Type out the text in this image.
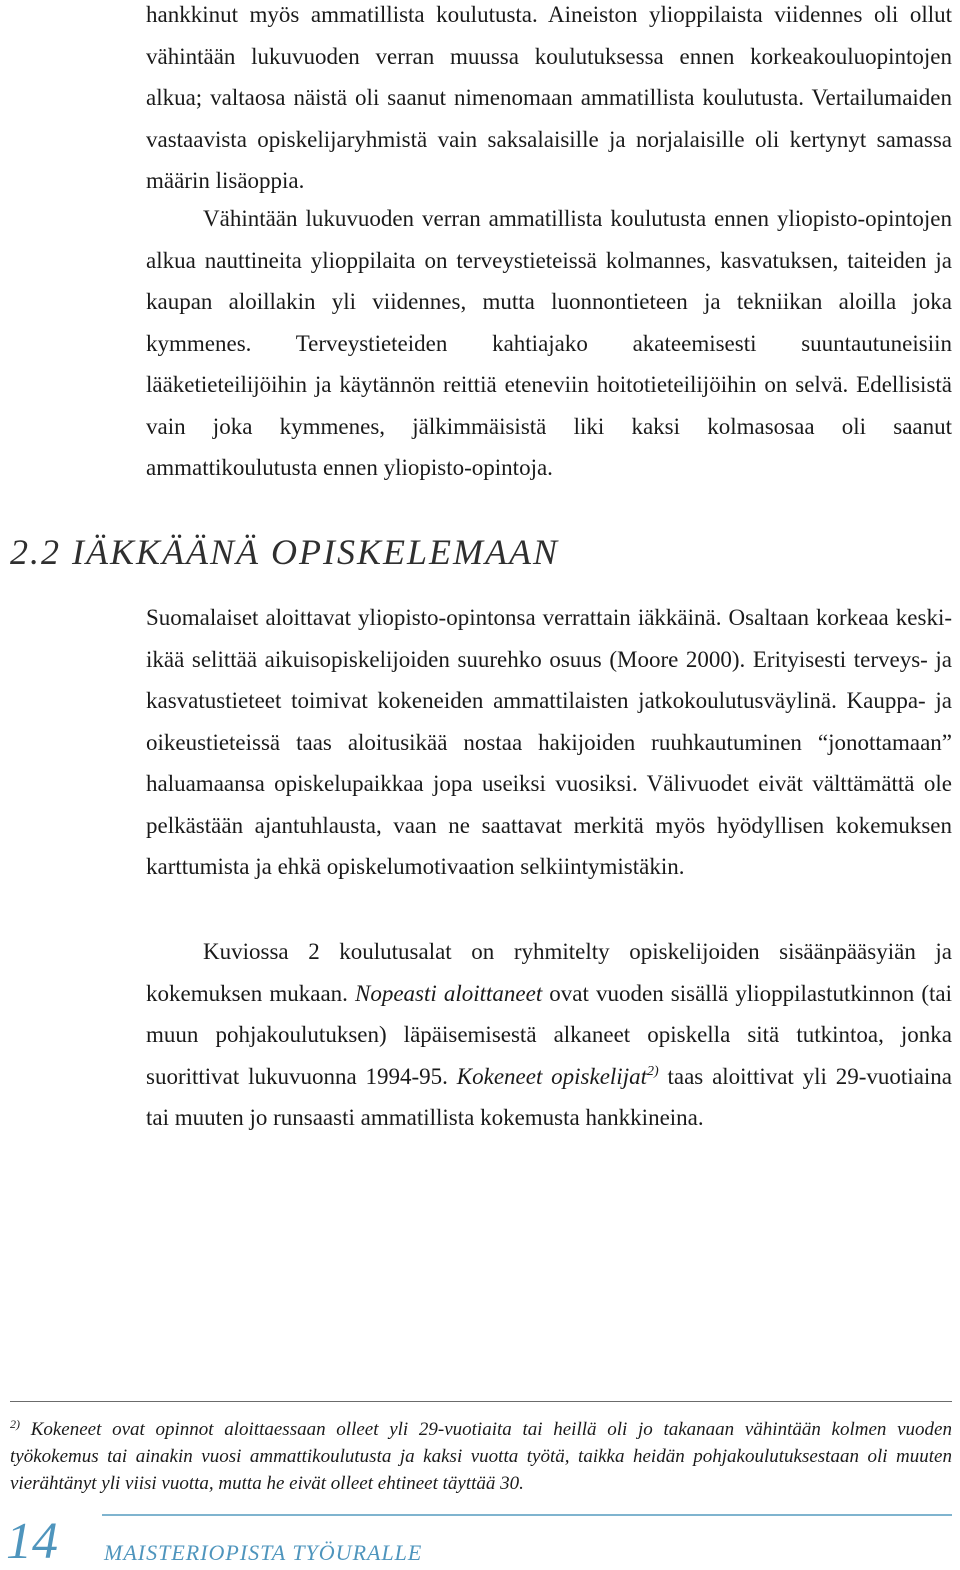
hankkinut myös ammatillista koulutusta. Aineiston ylioppilaista viidennes oli ollut vähintään lukuvuoden verran muussa koulutuksessa ennen korkeakouluopintojen alkua; valtaosa näistä oli saanut nimenomaan ammatillista koulutusta. Vertailumaiden vastaavista opiskelijaryhmistä vain saksalaisille ja norjalaisille oli kertynyt samassa määrin lisäoppia.
Vähintään lukuvuoden verran ammatillista koulutusta ennen yliopisto-opintojen alkua nauttineita ylioppilaita on terveystieteissä kolmannes, kasvatuksen, taiteiden ja kaupan aloillakin yli viidennes, mutta luonnontieteen ja tekniikan aloilla joka kymmenes. Terveystieteiden kahtiajako akateemisesti suuntautuneisiin lääketieteilijöihin ja käytännön reittiä eteneviin hoitotieteilijöihin on selvä. Edellisistä vain joka kymmenes, jälkimmäisistä liki kaksi kolmasosaa oli saanut ammattikoulutusta ennen yliopisto-opintoja.
2.2 IÄKKÄÄNÄ OPISKELEMAAN
Suomalaiset aloittavat yliopisto-opintonsa verrattain iäkkäinä. Osaltaan korkeaa keski-ikää selittää aikuisopiskelijoiden suurehko osuus (Moore 2000). Erityisesti terveys- ja kasvatustieteet toimivat kokeneiden ammattilaisten jatkokoulutusväylinä. Kauppa- ja oikeustieteissä taas aloitusikää nostaa hakijoiden ruuhkautuminen “jonottamaan” haluamaansa opiskelupaikkaa jopa useiksi vuosiksi. Välivuodet eivät välttämättä ole pelkästään ajantuhlausta, vaan ne saattavat merkitä myös hyödyllisen kokemuksen karttumista ja ehkä opiskelumotivaation selkiintymistäkin.
Kuviossa 2 koulutusalat on ryhmitelty opiskelijoiden sisäänpääsyiän ja kokemuksen mukaan. Nopeasti aloittaneet ovat vuoden sisällä ylioppilastutkinnon (tai muun pohjakoulutuksen) läpäisemisestä alkaneet opiskella sitä tutkintoa, jonka suorittivat lukuvuonna 1994-95. Kokeneet opiskelijat$^{2)}$ taas aloittivat yli 29-vuotiaina tai muuten jo runsaasti ammatillista kokemusta hankkineina.
$^{2)}$ Kokeneet ovat opinnot aloittaessaan olleet yli 29-vuotiaita tai heillä oli jo takanaan vähintään kolmen vuoden työkokemus tai ainakin vuosi ammattikoulutusta ja kaksi vuotta työtä, taikka heidän pohjakoulutuksestaan oli muuten vierähtänyt yli viisi vuotta, mutta he eivät olleet ehtineet täyttää 30.
14 MAISTERIOPISTA TYÖURALLE
